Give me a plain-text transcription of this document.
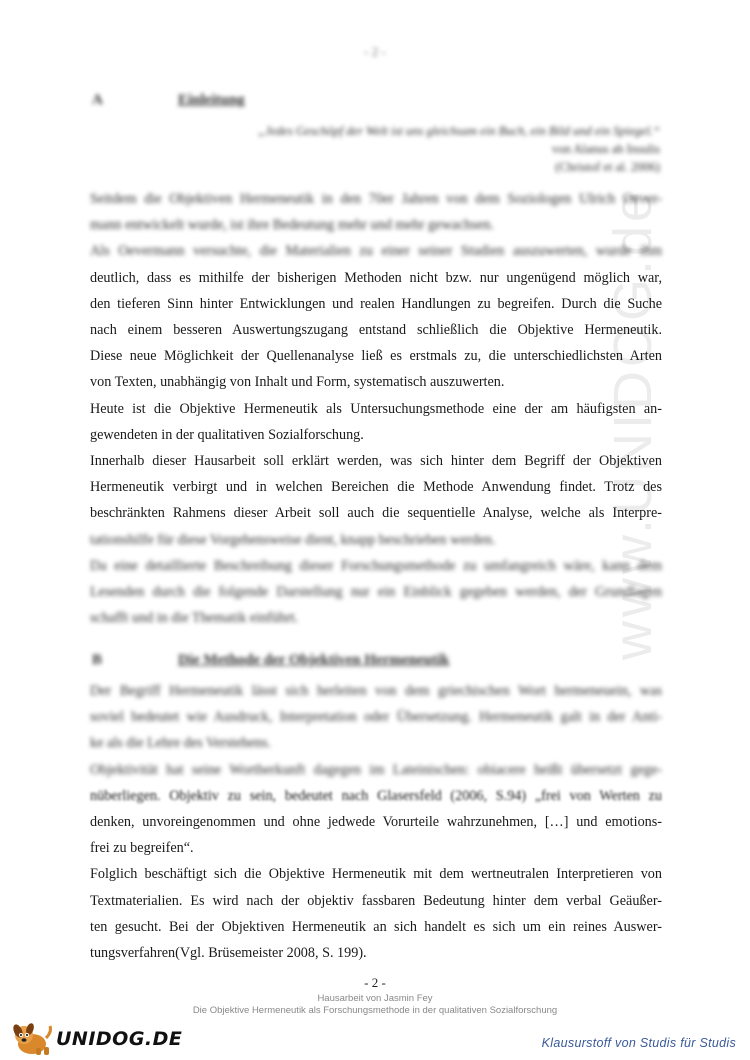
www.UNIDOG.de
- 2 -
A	Einleitung
„Jedes Geschöpf der Welt ist uns gleichsam ein Buch, ein Bild und ein Spiegel.“
von Alanus ab Insulis
(Christof et al. 2006)

Seitdem die Objektiven Hermeneutik in den 70er Jahren von dem Soziologen Ulrich Oever-
mann entwickelt wurde, ist ihre Bedeutung mehr und mehr gewachsen.

Als Oevermann versuchte, die Materialien zu einer seiner Studien auszuwerten, wurde ihm
deutlich, dass es mithilfe der bisherigen Methoden nicht bzw. nur ungenügend möglich war,
den tieferen Sinn hinter Entwicklungen und realen Handlungen zu begreifen. Durch die Suche
nach einem besseren Auswertungszugang entstand schließlich die Objektive Hermeneutik.
Diese neue Möglichkeit der Quellenanalyse ließ es erstmals zu, die unterschiedlichsten Arten
von Texten, unabhängig von Inhalt und Form, systematisch auszuwerten.

Heute ist die Objektive Hermeneutik als Untersuchungsmethode eine der am häufigsten an-
gewendeten in der qualitativen Sozialforschung.

Innerhalb dieser Hausarbeit soll erklärt werden, was sich hinter dem Begriff der Objektiven
Hermeneutik verbirgt und in welchen Bereichen die Methode Anwendung findet. Trotz des
beschränkten Rahmens dieser Arbeit soll auch die sequentielle Analyse, welche als Interpre-
tationshilfe für diese Vorgehensweise dient, knapp beschrieben werden.

Da eine detaillierte Beschreibung dieser Forschungsmethode zu umfangreich wäre, kann dem
Lesenden durch die folgende Darstellung nur ein Einblick gegeben werden, der Grundlagen
schafft und in die Thematik einführt.

B	Die Methode der Objektiven Hermeneutik

Der Begriff Hermeneutik lässt sich herleiten von dem griechischen Wort hermeneuein, was
soviel bedeutet wie Ausdruck, Interpretation oder Übersetzung. Hermeneutik galt in der Anti-
ke als die Lehre des Verstehens.

Objektivität hat seine Wortherkunft dagegen im Lateinischen: obiacere heißt übersetzt gege-
nüberliegen. Objektiv zu sein, bedeutet nach Glasersfeld (2006, S.94) „frei von Werten zu
denken, unvoreingenommen und ohne jedwede Vorurteile wahrzunehmen, […] und emotions-
frei zu begreifen“.

Folglich beschäftigt sich die Objektive Hermeneutik mit dem wertneutralen Interpretieren von
Textmaterialien. Es wird nach der objektiv fassbaren Bedeutung hinter dem verbal Geäußer-
ten gesucht. Bei der Objektiven Hermeneutik an sich handelt es sich um ein reines Auswer-
tungsverfahren(Vgl. Brüsemeister 2008, S. 199).

- 2 -
Hausarbeit von Jasmin Fey
Die Objektive Hermeneutik als Forschungsmethode in der qualitativen Sozialforschung
UNIDOG.DE	Klausurstoff von Studis für Studis
